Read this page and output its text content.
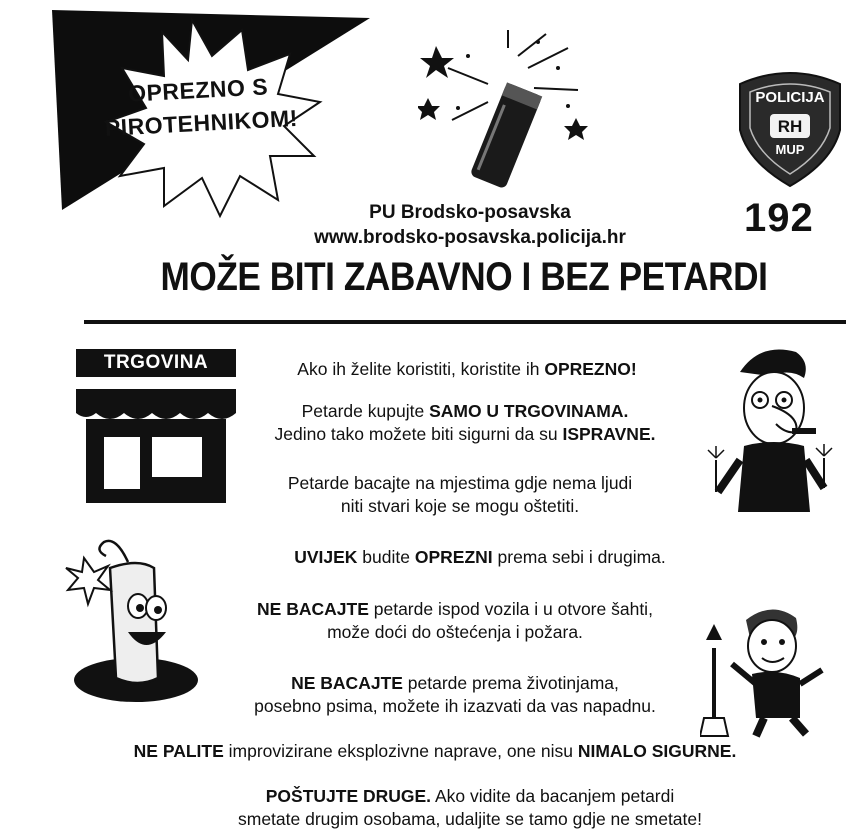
OPREZNO S
PIROTEHNIKOM!
POLICIJA
RH
MUP
192
PU Brodsko-posavska
www.brodsko-posavska.policija.hr
MOŽE BITI ZABAVNO I BEZ PETARDI
TRGOVINA	Ako ih želite koristiti, koristite ih OPREZNO!
Petarde kupujte SAMO U TRGOVINAMA.
Jedino tako možete biti sigurni da su ISPRAVNE.
Petarde bacajte na mjestima gdje nema ljudi
niti stvari koje se mogu oštetiti.
UVIJEK budite OPREZNI prema sebi i drugima.
NE BACAJTE petarde ispod vozila i u otvore šahti,
može doći do oštećenja i požara.
NE BACAJTE petarde prema životinjama,
posebno psima, možete ih izazvati da vas napadnu.
NE PALITE improvizirane eksplozivne naprave, one nisu NIMALO SIGURNE.
POŠTUJTE DRUGE. Ako vidite da bacanjem petardi
smetate drugim osobama, udaljite se tamo gdje ne smetate!
